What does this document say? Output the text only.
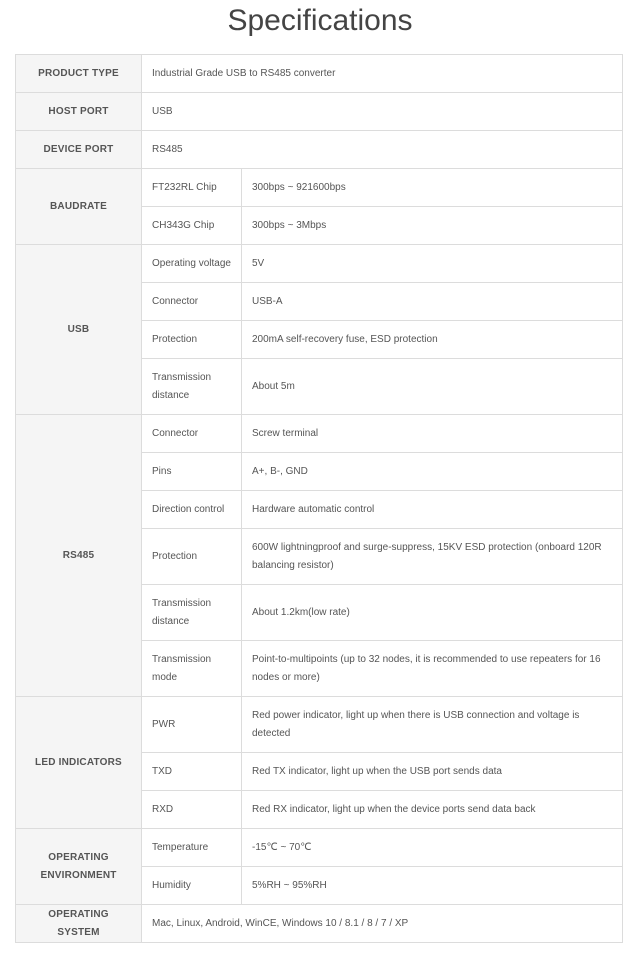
Specifications
PRODUCT TYPE	Industrial Grade USB to RS485 converter	
HOST PORT	USB	
DEVICE PORT	RS485	
BAUDRATE	FT232RL Chip	300bps ~ 921600bps
	CH343G Chip	300bps ~ 3Mbps
USB	Operating voltage	5V
	Connector	USB-A
	Protection	200mA self-recovery fuse, ESD protection
	Transmission distance	About 5m
RS485	Connector	Screw terminal
	Pins	A+, B-, GND
	Direction control	Hardware automatic control
	Protection	600W lightningproof and surge-suppress, 15KV ESD protection (onboard 120R balancing resistor)
	Transmission distance	About 1.2km(low rate)
	Transmission mode	Point-to-multipoints (up to 32 nodes, it is recommended to use repeaters for 16 nodes or more)
LED INDICATORS	PWR	Red power indicator, light up when there is USB connection and voltage is detected
	TXD	Red TX indicator, light up when the USB port sends data
	RXD	Red RX indicator, light up when the device ports send data back
OPERATING ENVIRONMENT	Temperature	-15℃ ~ 70℃
	Humidity	5%RH ~ 95%RH
OPERATING SYSTEM	Mac, Linux, Android, WinCE, Windows 10 / 8.1 / 8 / 7 / XP	
